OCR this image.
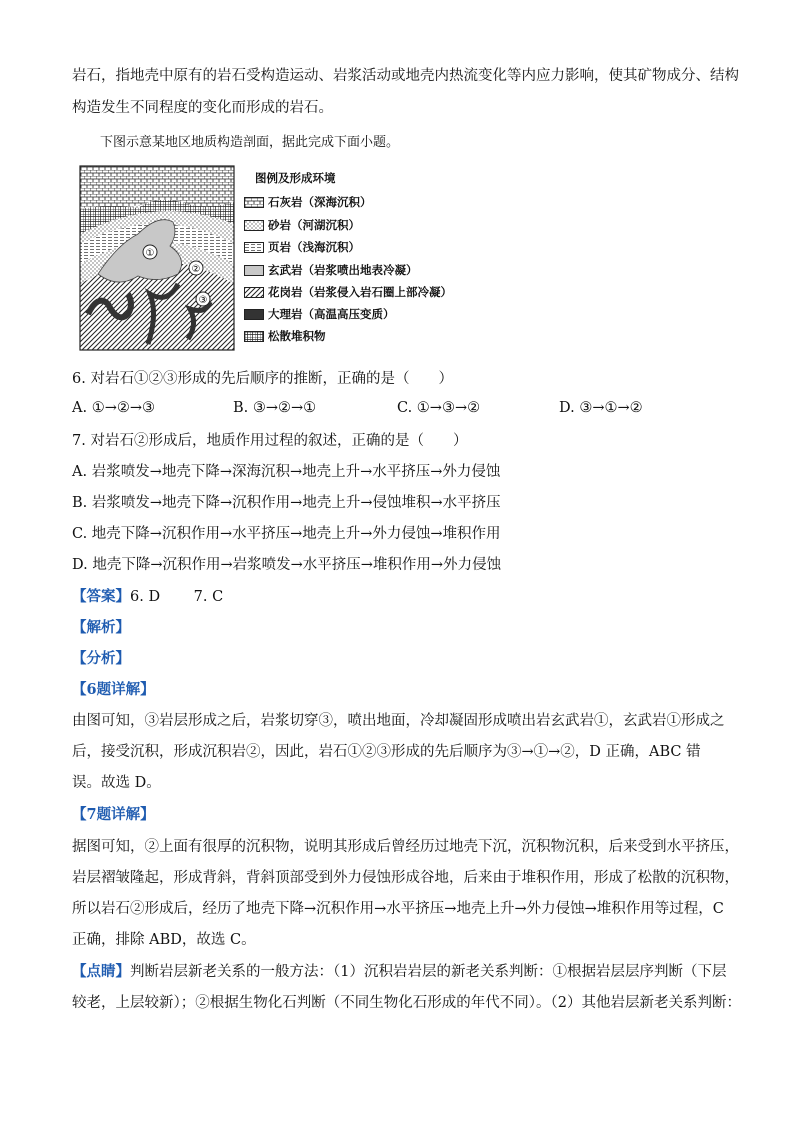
岩石，指地壳中原有的岩石受构造运动、岩浆活动或地壳内热流变化等内应力影响，使其矿物成分、结构
构造发生不同程度的变化而形成的岩石。
下图示意某地区地质构造剖面，据此完成下面小题。
①
②
③
图例及形成环境
石灰岩（深海沉积）
砂岩（河湖沉积）
页岩（浅海沉积）
玄武岩（岩浆喷出地表冷凝）
花岗岩（岩浆侵入岩石圈上部冷凝）
大理岩（高温高压变质）
松散堆积物
6. 对岩石①②③形成的先后顺序的推断，正确的是（　　）
A. ①→②→③	B. ③→②→①	C. ①→③→②	D. ③→①→②
7. 对岩石②形成后，地质作用过程的叙述，正确的是（　　）
A. 岩浆喷发→地壳下降→深海沉积→地壳上升→水平挤压→外力侵蚀
B. 岩浆喷发→地壳下降→沉积作用→地壳上升→侵蚀堆积→水平挤压
C. 地壳下降→沉积作用→水平挤压→地壳上升→外力侵蚀→堆积作用
D. 地壳下降→沉积作用→岩浆喷发→水平挤压→堆积作用→外力侵蚀
【答案】6. D　　 7. C
【解析】
【分析】
【6题详解】
由图可知，③岩层形成之后，岩浆切穿③，喷出地面，冷却凝固形成喷出岩玄武岩①，玄武岩①形成之
后，接受沉积，形成沉积岩②，因此，岩石①②③形成的先后顺序为③→①→②，D 正确，ABC 错
误。故选 D。
【7题详解】
据图可知，②上面有很厚的沉积物，说明其形成后曾经历过地壳下沉，沉积物沉积，后来受到水平挤压，
岩层褶皱隆起，形成背斜，背斜顶部受到外力侵蚀形成谷地，后来由于堆积作用，形成了松散的沉积物，
所以岩石②形成后，经历了地壳下降→沉积作用→水平挤压→地壳上升→外力侵蚀→堆积作用等过程，C
正确，排除 ABD，故选 C。
【点睛】判断岩层新老关系的一般方法：（1）沉积岩岩层的新老关系判断：①根据岩层层序判断（下层
较老，上层较新）；②根据生物化石判断（不同生物化石形成的年代不同）。（2）其他岩层新老关系判断：
